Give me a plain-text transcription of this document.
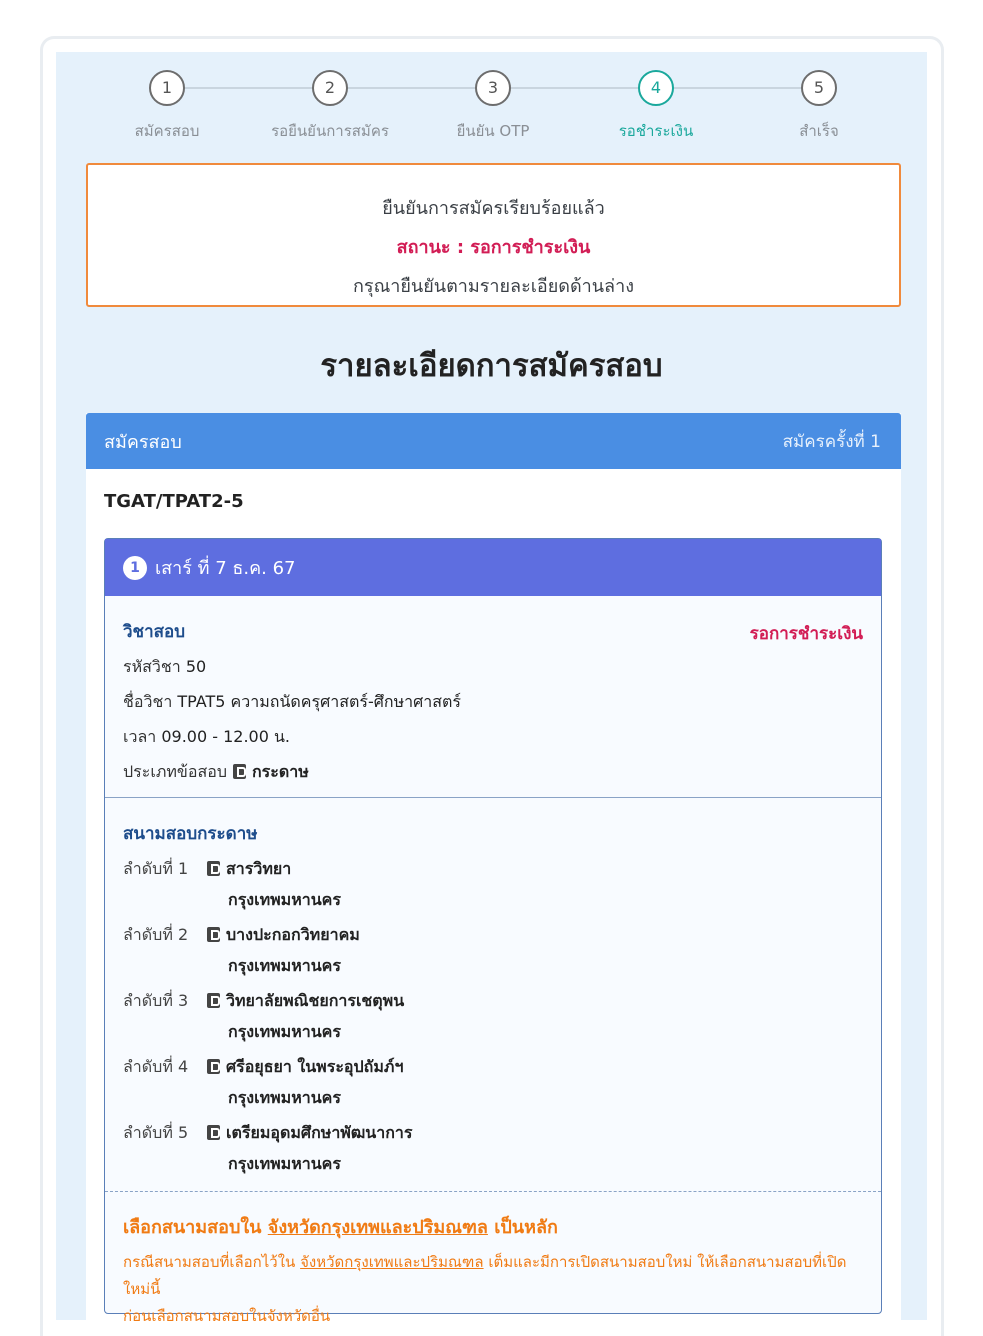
1
สมัครสอบ
2
รอยืนยันการสมัคร
3
ยืนยัน OTP
4
รอชำระเงิน
5
สำเร็จ
ยืนยันการสมัครเรียบร้อยแล้ว
สถานะ : รอการชำระเงิน
กรุณายืนยันตามรายละเอียดด้านล่าง
รายละเอียดการสมัครสอบ
สมัครสอบ	สมัครครั้งที่ 1
TGAT/TPAT2-5
1 เสาร์ ที่ 7 ธ.ค. 67
วิชาสอบ	รอการชำระเงิน
รหัสวิชา 50
ชื่อวิชา TPAT5 ความถนัดครุศาสตร์-ศึกษาศาสตร์
เวลา 09.00 - 12.00 น.
ประเภทข้อสอบ กระดาษ
สนามสอบกระดาษ
ลำดับที่ 1 สารวิทยา
กรุงเทพมหานคร
ลำดับที่ 2 บางปะกอกวิทยาคม
กรุงเทพมหานคร
ลำดับที่ 3 วิทยาลัยพณิชยการเชตุพน
กรุงเทพมหานคร
ลำดับที่ 4 ศรีอยุธยา ในพระอุปถัมภ์ฯ
กรุงเทพมหานคร
ลำดับที่ 5 เตรียมอุดมศึกษาพัฒนาการ
กรุงเทพมหานคร
เลือกสนามสอบใน จังหวัดกรุงเทพและปริมณฑล เป็นหลัก
กรณีสนามสอบที่เลือกไว้ใน จังหวัดกรุงเทพและปริมณฑล เต็มและมีการเปิดสนามสอบใหม่ ให้เลือกสนามสอบที่เปิดใหม่นี้
ก่อนเลือกสนามสอบในจังหวัดอื่น
